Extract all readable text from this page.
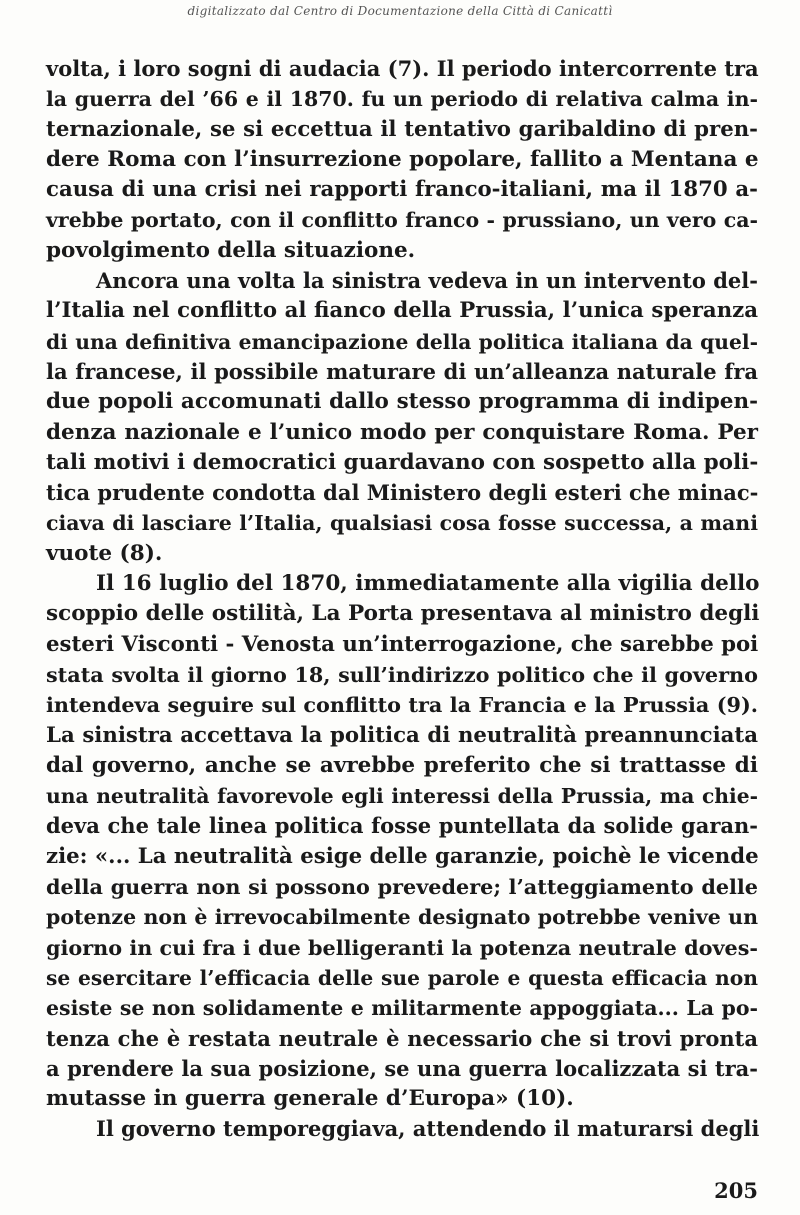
digitalizzato dal Centro di Documentazione della Città di Canicattì
volta, i loro sogni di audacia (7). Il periodo intercorrente tra
la guerra del ’66 e il 1870. fu un periodo di relativa calma in-
ternazionale, se si eccettua il tentativo garibaldino di pren-
dere Roma con l’insurrezione popolare, fallito a Mentana e
causa di una crisi nei rapporti franco-italiani, ma il 1870 a-
vrebbe portato, con il conflitto franco - prussiano, un vero ca-
povolgimento della situazione.
Ancora una volta la sinistra vedeva in un intervento del-
l’Italia nel conflitto al fianco della Prussia, l’unica speranza
di una definitiva emancipazione della politica italiana da quel-
la francese, il possibile maturare di un’alleanza naturale fra
due popoli accomunati dallo stesso programma di indipen-
denza nazionale e l’unico modo per conquistare Roma. Per
tali motivi i democratici guardavano con sospetto alla poli-
tica prudente condotta dal Ministero degli esteri che minac-
ciava di lasciare l’Italia, qualsiasi cosa fosse successa, a mani
vuote (8).
Il 16 luglio del 1870, immediatamente alla vigilia dello
scoppio delle ostilità, La Porta presentava al ministro degli
esteri Visconti - Venosta un’interrogazione, che sarebbe poi
stata svolta il giorno 18, sull’indirizzo politico che il governo
intendeva seguire sul conflitto tra la Francia e la Prussia (9).
La sinistra accettava la politica di neutralità preannunciata
dal governo, anche se avrebbe preferito che si trattasse di
una neutralità favorevole egli interessi della Prussia, ma chie-
deva che tale linea politica fosse puntellata da solide garan-
zie: «... La neutralità esige delle garanzie, poichè le vicende
della guerra non si possono prevedere; l’atteggiamento delle
potenze non è irrevocabilmente designato potrebbe venive un
giorno in cui fra i due belligeranti la potenza neutrale doves-
se esercitare l’efficacia delle sue parole e questa efficacia non
esiste se non solidamente e militarmente appoggiata... La po-
tenza che è restata neutrale è necessario che si trovi pronta
a prendere la sua posizione, se una guerra localizzata si tra-
mutasse in guerra generale d’Europa» (10).
Il governo temporeggiava, attendendo il maturarsi degli
205
